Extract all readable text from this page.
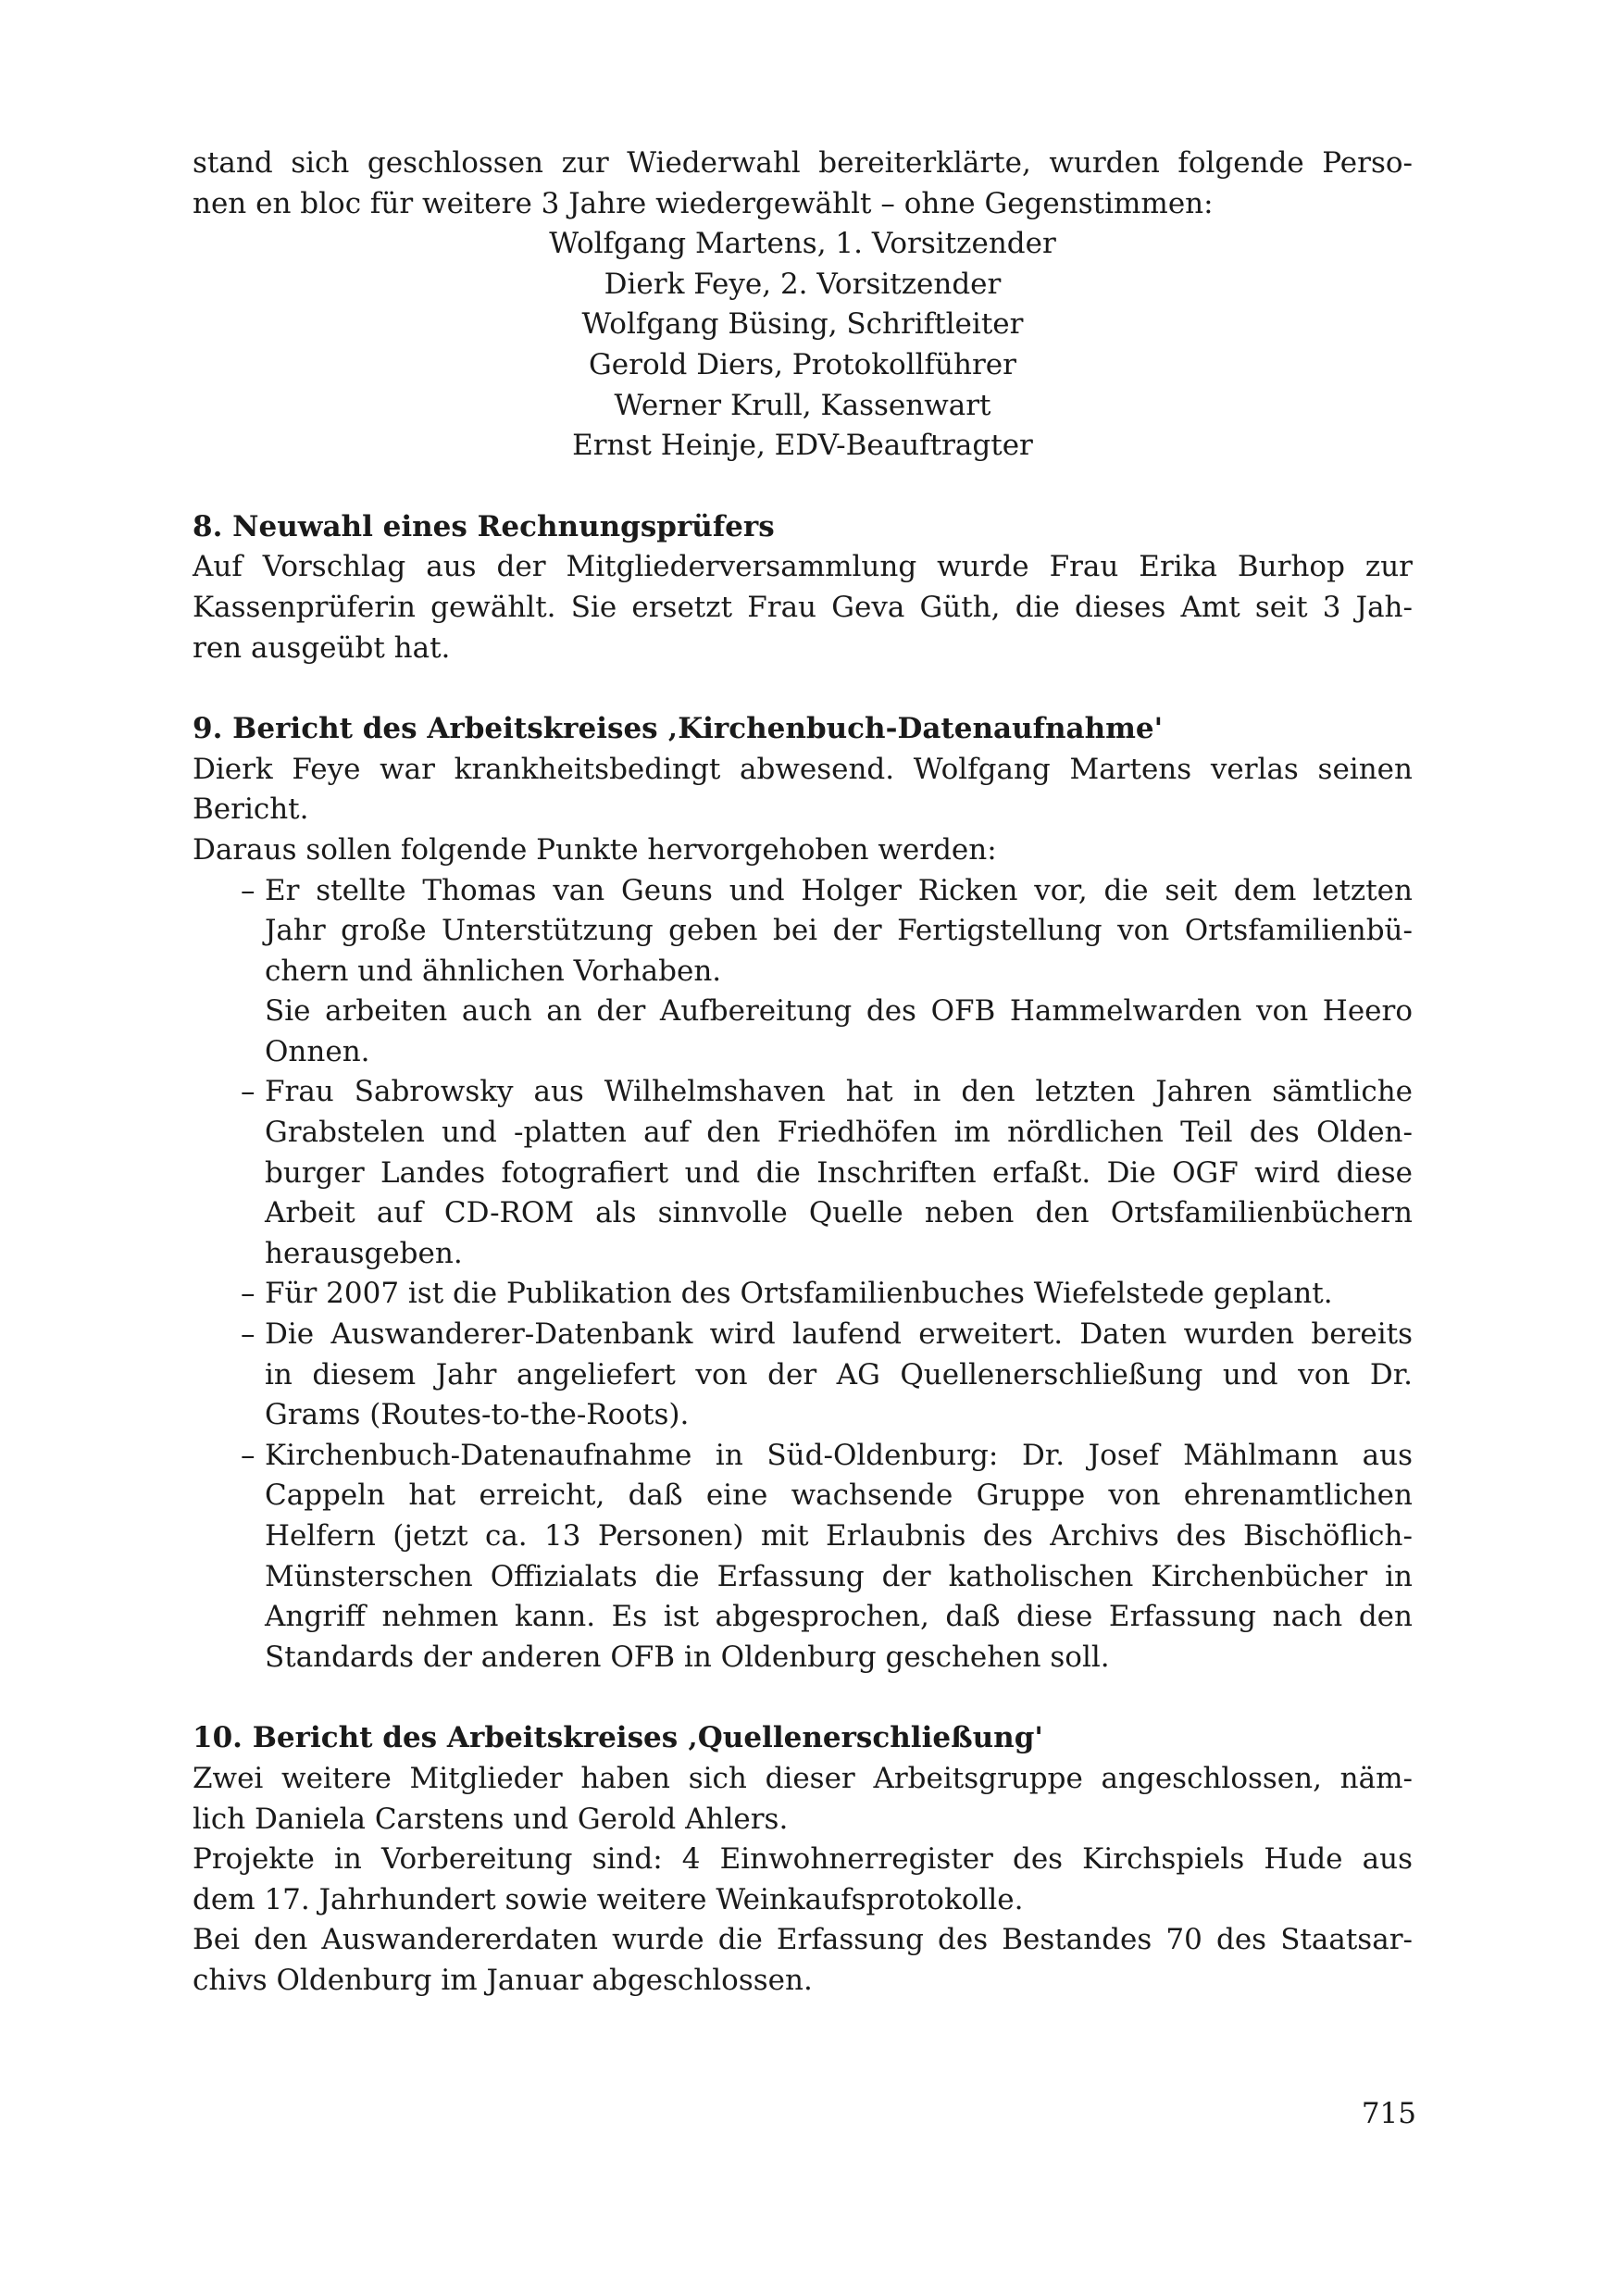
stand sich geschlossen zur Wiederwahl bereiterklärte, wurden folgende Perso-
nen en bloc für weitere 3 Jahre wiedergewählt – ohne Gegenstimmen:
Wolfgang Martens, 1. Vorsitzender
Dierk Feye, 2. Vorsitzender
Wolfgang Büsing, Schriftleiter
Gerold Diers, Protokollführer
Werner Krull, Kassenwart
Ernst Heinje, EDV-Beauftragter
8. Neuwahl eines Rechnungsprüfers
Auf Vorschlag aus der Mitgliederversammlung wurde Frau Erika Burhop zur
Kassenprüferin gewählt. Sie ersetzt Frau Geva Güth, die dieses Amt seit 3 Jah-
ren ausgeübt hat.
9. Bericht des Arbeitskreises ‚Kirchenbuch-Datenaufnahme'
Dierk Feye war krankheitsbedingt abwesend. Wolfgang Martens verlas seinen
Bericht.
Daraus sollen folgende Punkte hervorgehoben werden:
– Er stellte Thomas van Geuns und Holger Ricken vor, die seit dem letzten
Jahr große Unterstützung geben bei der Fertigstellung von Ortsfamilienbü-
chern und ähnlichen Vorhaben.
Sie arbeiten auch an der Aufbereitung des OFB Hammelwarden von Heero
Onnen.
– Frau Sabrowsky aus Wilhelmshaven hat in den letzten Jahren sämtliche
Grabstelen und -platten auf den Friedhöfen im nördlichen Teil des Olden-
burger Landes fotografiert und die Inschriften erfaßt. Die OGF wird diese
Arbeit auf CD-ROM als sinnvolle Quelle neben den Ortsfamilienbüchern
herausgeben.
– Für 2007 ist die Publikation des Ortsfamilienbuches Wiefelstede geplant.
– Die Auswanderer-Datenbank wird laufend erweitert. Daten wurden bereits
in diesem Jahr angeliefert von der AG Quellenerschließung und von Dr.
Grams (Routes-to-the-Roots).
– Kirchenbuch-Datenaufnahme in Süd-Oldenburg: Dr. Josef Mählmann aus
Cappeln hat erreicht, daß eine wachsende Gruppe von ehrenamtlichen
Helfern (jetzt ca. 13 Personen) mit Erlaubnis des Archivs des Bischöflich-
Münsterschen Offizialats die Erfassung der katholischen Kirchenbücher in
Angriff nehmen kann. Es ist abgesprochen, daß diese Erfassung nach den
Standards der anderen OFB in Oldenburg geschehen soll.
10. Bericht des Arbeitskreises ‚Quellenerschließung'
Zwei weitere Mitglieder haben sich dieser Arbeitsgruppe angeschlossen, näm-
lich Daniela Carstens und Gerold Ahlers.
Projekte in Vorbereitung sind: 4 Einwohnerregister des Kirchspiels Hude aus
dem 17. Jahrhundert sowie weitere Weinkaufsprotokolle.
Bei den Auswandererdaten wurde die Erfassung des Bestandes 70 des Staatsar-
chivs Oldenburg im Januar abgeschlossen.
715
